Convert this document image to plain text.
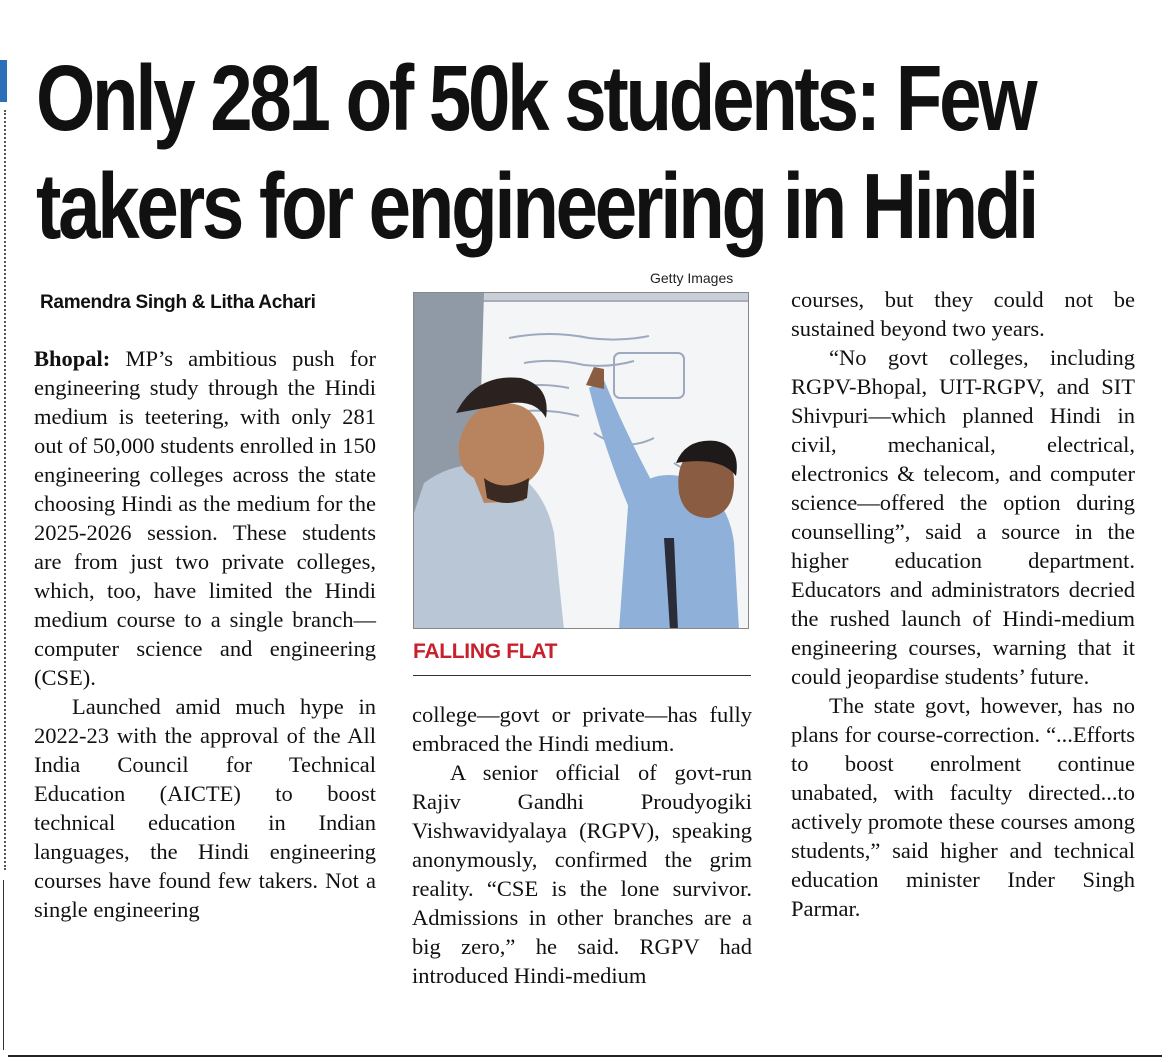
Only 281 of 50k students: Few
takers for engineering in Hindi
Ramendra Singh & Litha Achari

Bhopal: MP’s ambitious push for engineering study through the Hindi medium is teetering, with only 281 out of 50,000 students enrolled in 150 engineering colleges across the state choosing Hindi as the medium for the 2025-2026 session. These students are from just two private colleges, which, too, have limited the Hindi medium course to a single branch—computer science and engineering (CSE).

Launched amid much hype in 2022-23 with the approval of the All India Council for Technical Education (AICTE) to boost technical education in Indian languages, the Hindi engineering courses have found few takers. Not a single engineering

Getty Images
FALLING FLAT

college—govt or private—has fully embraced the Hindi medium.

A senior official of govt-run Rajiv Gandhi Proudyogiki Vishwavidyalaya (RGPV), speaking anonymously, confirmed the grim reality. “CSE is the lone survivor. Admissions in other branches are a big zero,” he said. RGPV had introduced Hindi-medium

courses, but they could not be sustained beyond two years.

“No govt colleges, including RGPV-Bhopal, UIT-RGPV, and SIT Shivpuri—which planned Hindi in civil, mechanical, electrical, electronics & telecom, and computer science—offered the option during counselling”, said a source in the higher education department. Educators and administrators decried the rushed launch of Hindi-medium engineering courses, warning that it could jeopardise students’ future.

The state govt, however, has no plans for course-correction. “...Efforts to boost enrolment continue unabated, with faculty directed...to actively promote these courses among students,” said higher and technical education minister Inder Singh Parmar.
